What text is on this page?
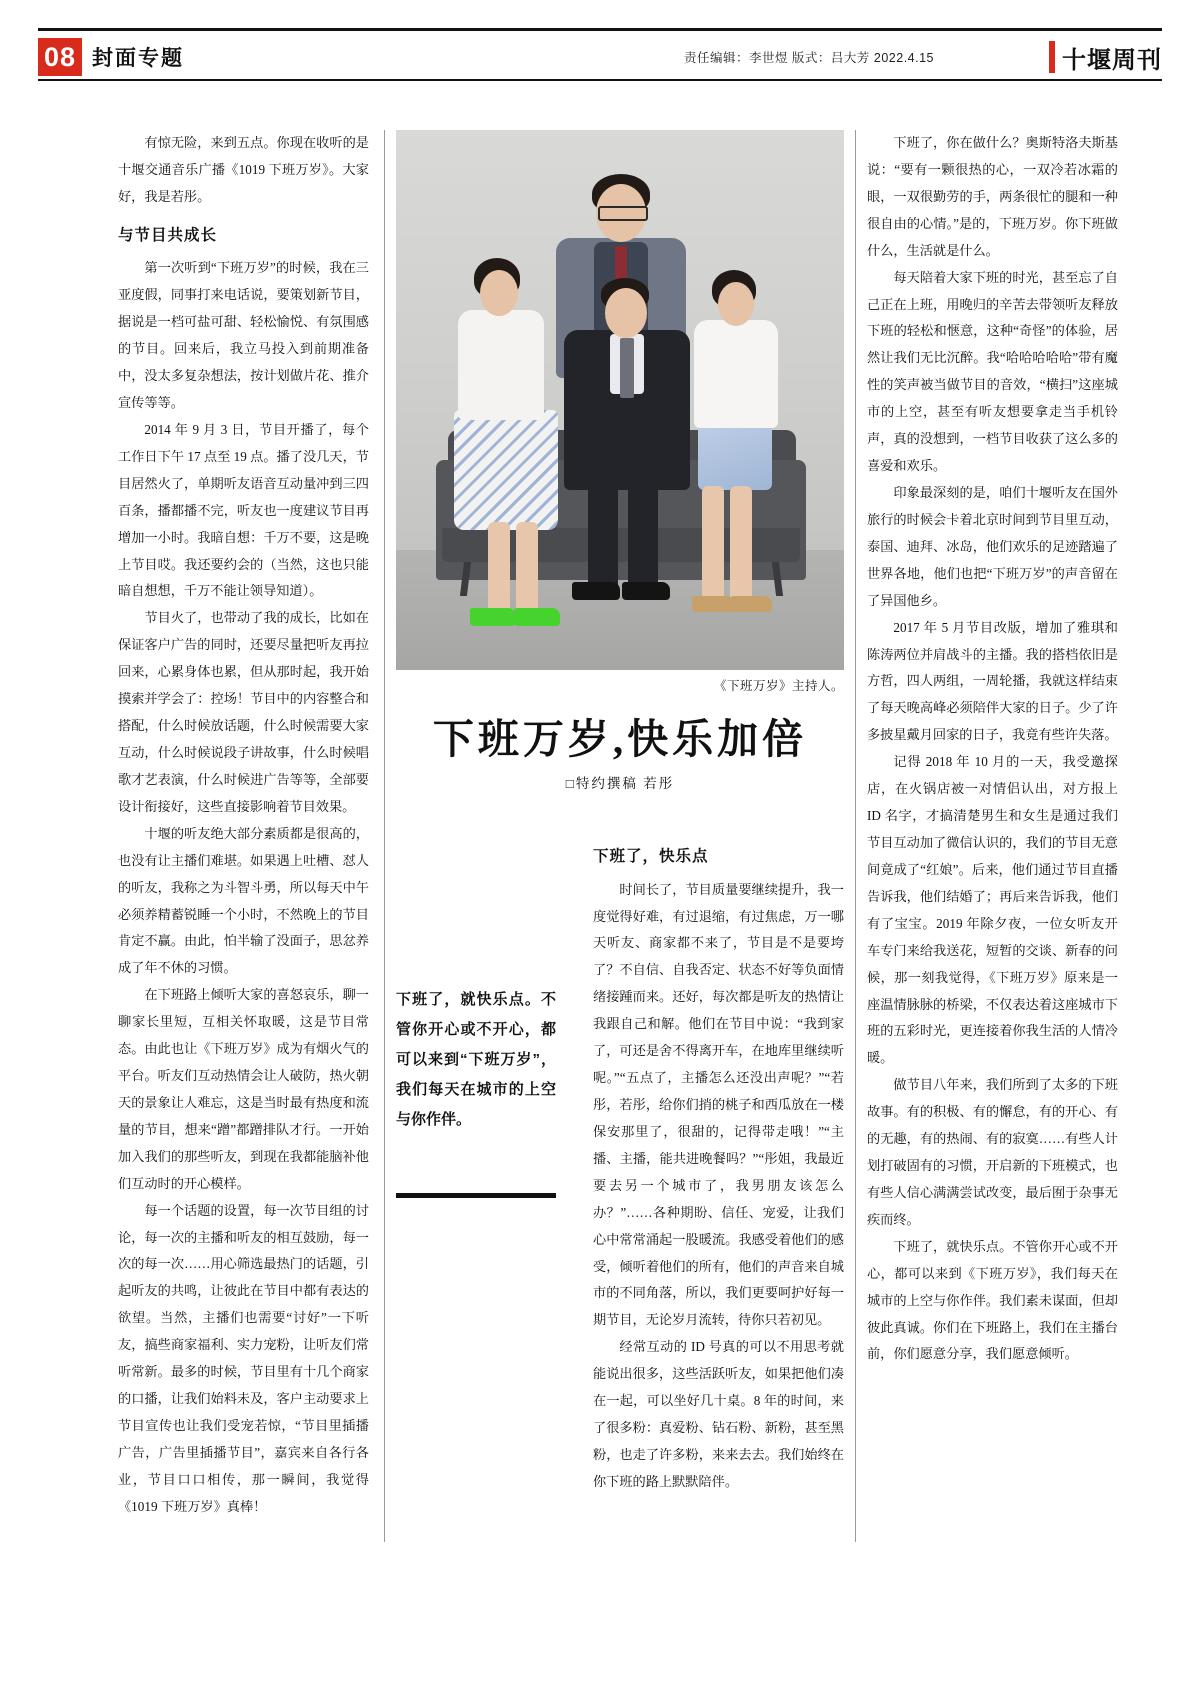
08 封面专题	责任编辑：李世煜 版式：吕大芳 2022.4.15	十堰周刊
《下班万岁》主持人。
下班万岁,快乐加倍
□特约撰稿 若彤
下班了，就快乐点。不管你开心或不开心，都可以来到“下班万岁”，我们每天在城市的上空与你作伴。

有惊无险，来到五点。你现在收听的是十堰交通音乐广播《1019 下班万岁》。大家好，我是若彤。

与节目共成长

第一次听到“下班万岁”的时候，我在三亚度假，同事打来电话说，要策划新节目，据说是一档可盐可甜、轻松愉悦、有氛围感的节目。回来后，我立马投入到前期准备中，没太多复杂想法，按计划做片花、推介宣传等等。

2014 年 9 月 3 日，节目开播了，每个工作日下午 17 点至 19 点。播了没几天，节目居然火了，单期听友语音互动量冲到三四百条，播都播不完，听友也一度建议节目再增加一小时。我暗自想：千万不要，这是晚上节目哎。我还要约会的（当然，这也只能暗自想想，千万不能让领导知道）。

节目火了，也带动了我的成长，比如在保证客户广告的同时，还要尽量把听友再拉回来，心累身体也累，但从那时起，我开始摸索并学会了：控场！节目中的内容整合和搭配，什么时候放话题，什么时候需要大家互动，什么时候说段子讲故事，什么时候唱歌才艺表演，什么时候进广告等等，全部要设计衔接好，这些直接影响着节目效果。

十堰的听友绝大部分素质都是很高的，也没有让主播们难堪。如果遇上吐槽、怼人的听友，我称之为斗智斗勇，所以每天中午必须养精蓄锐睡一个小时，不然晚上的节目肯定不赢。由此，怕半输了没面子，思忿养成了年不休的习惯。

在下班路上倾听大家的喜怒哀乐，聊一聊家长里短，互相关怀取暖，这是节目常态。由此也让《下班万岁》成为有烟火气的平台。听友们互动热情会让人破防，热火朝天的景象让人难忘，这是当时最有热度和流量的节目，想来“蹭”都蹭排队才行。一开始加入我们的那些听友，到现在我都能脑补他们互动时的开心模样。

每一个话题的设置，每一次节目组的讨论，每一次的主播和听友的相互鼓励，每一次的每一次……用心筛选最热门的话题，引起听友的共鸣，让彼此在节目中都有表达的欲望。当然，主播们也需要“讨好”一下听友，搞些商家福利、实力宠粉，让听友们常听常新。最多的时候，节目里有十几个商家的口播，让我们始料未及，客户主动要求上节目宣传也让我们受宠若惊，“节目里插播广告，广告里插播节目”，嘉宾来自各行各业，节目口口相传，那一瞬间，我觉得《1019 下班万岁》真棒！

下班了，快乐点

时间长了，节目质量要继续提升，我一度觉得好难，有过退缩，有过焦虑，万一哪天听友、商家都不来了，节目是不是要垮了？不自信、自我否定、状态不好等负面情绪接踵而来。还好，每次都是听友的热情让我跟自己和解。他们在节目中说：“我到家了，可还是舍不得离开车，在地库里继续听呢。”“五点了，主播怎么还没出声呢？”“若彤，若彤，给你们捎的桃子和西瓜放在一楼保安那里了，很甜的，记得带走哦！”“主播、主播，能共进晚餐吗？”“彤姐，我最近要去另一个城市了，我男朋友该怎么办？”……各种期盼、信任、宠爱，让我们心中常常涌起一股暖流。我感受着他们的感受，倾听着他们的所有，他们的声音来自城市的不同角落，所以，我们更要呵护好每一期节目，无论岁月流转，待你只若初见。

经常互动的 ID 号真的可以不用思考就能说出很多，这些活跃听友，如果把他们凑在一起，可以坐好几十桌。8 年的时间，来了很多粉：真爱粉、钻石粉、新粉，甚至黑粉，也走了许多粉，来来去去。我们始终在你下班的路上默默陪伴。

下班了，你在做什么？奥斯特洛夫斯基说：“要有一颗很热的心，一双冷若冰霜的眼，一双很勤劳的手，两条很忙的腿和一种很自由的心情。”是的，下班万岁。你下班做什么，生活就是什么。

每天陪着大家下班的时光，甚至忘了自己正在上班，用晚归的辛苦去带领听友释放下班的轻松和惬意，这种“奇怪”的体验，居然让我们无比沉醉。我“哈哈哈哈哈”带有魔性的笑声被当做节目的音效，“横扫”这座城市的上空，甚至有听友想要拿走当手机铃声，真的没想到，一档节目收获了这么多的喜爱和欢乐。

印象最深刻的是，咱们十堰听友在国外旅行的时候会卡着北京时间到节目里互动，泰国、迪拜、冰岛，他们欢乐的足迹踏遍了世界各地，他们也把“下班万岁”的声音留在了异国他乡。

2017 年 5 月节目改版，增加了雅琪和陈涛两位并肩战斗的主播。我的搭档依旧是方哲，四人两组，一周轮播，我就这样结束了每天晚高峰必须陪伴大家的日子。少了许多披星戴月回家的日子，我竟有些许失落。

记得 2018 年 10 月的一天，我受邀探店，在火锅店被一对情侣认出，对方报上 ID 名字，才搞清楚男生和女生是通过我们节目互动加了微信认识的，我们的节目无意间竟成了“红娘”。后来，他们通过节目直播告诉我，他们结婚了；再后来告诉我，他们有了宝宝。2019 年除夕夜，一位女听友开车专门来给我送花，短暂的交谈、新春的问候，那一刻我觉得，《下班万岁》原来是一座温情脉脉的桥梁，不仅表达着这座城市下班的五彩时光，更连接着你我生活的人情冷暖。

做节目八年来，我们所到了太多的下班故事。有的积极、有的懈怠，有的开心、有的无趣，有的热闹、有的寂寞……有些人计划打破固有的习惯，开启新的下班模式，也有些人信心满满尝试改变，最后囿于杂事无疾而终。

下班了，就快乐点。不管你开心或不开心，都可以来到《下班万岁》，我们每天在城市的上空与你作伴。我们素未谋面，但却彼此真诚。你们在下班路上，我们在主播台前，你们愿意分享，我们愿意倾听。
